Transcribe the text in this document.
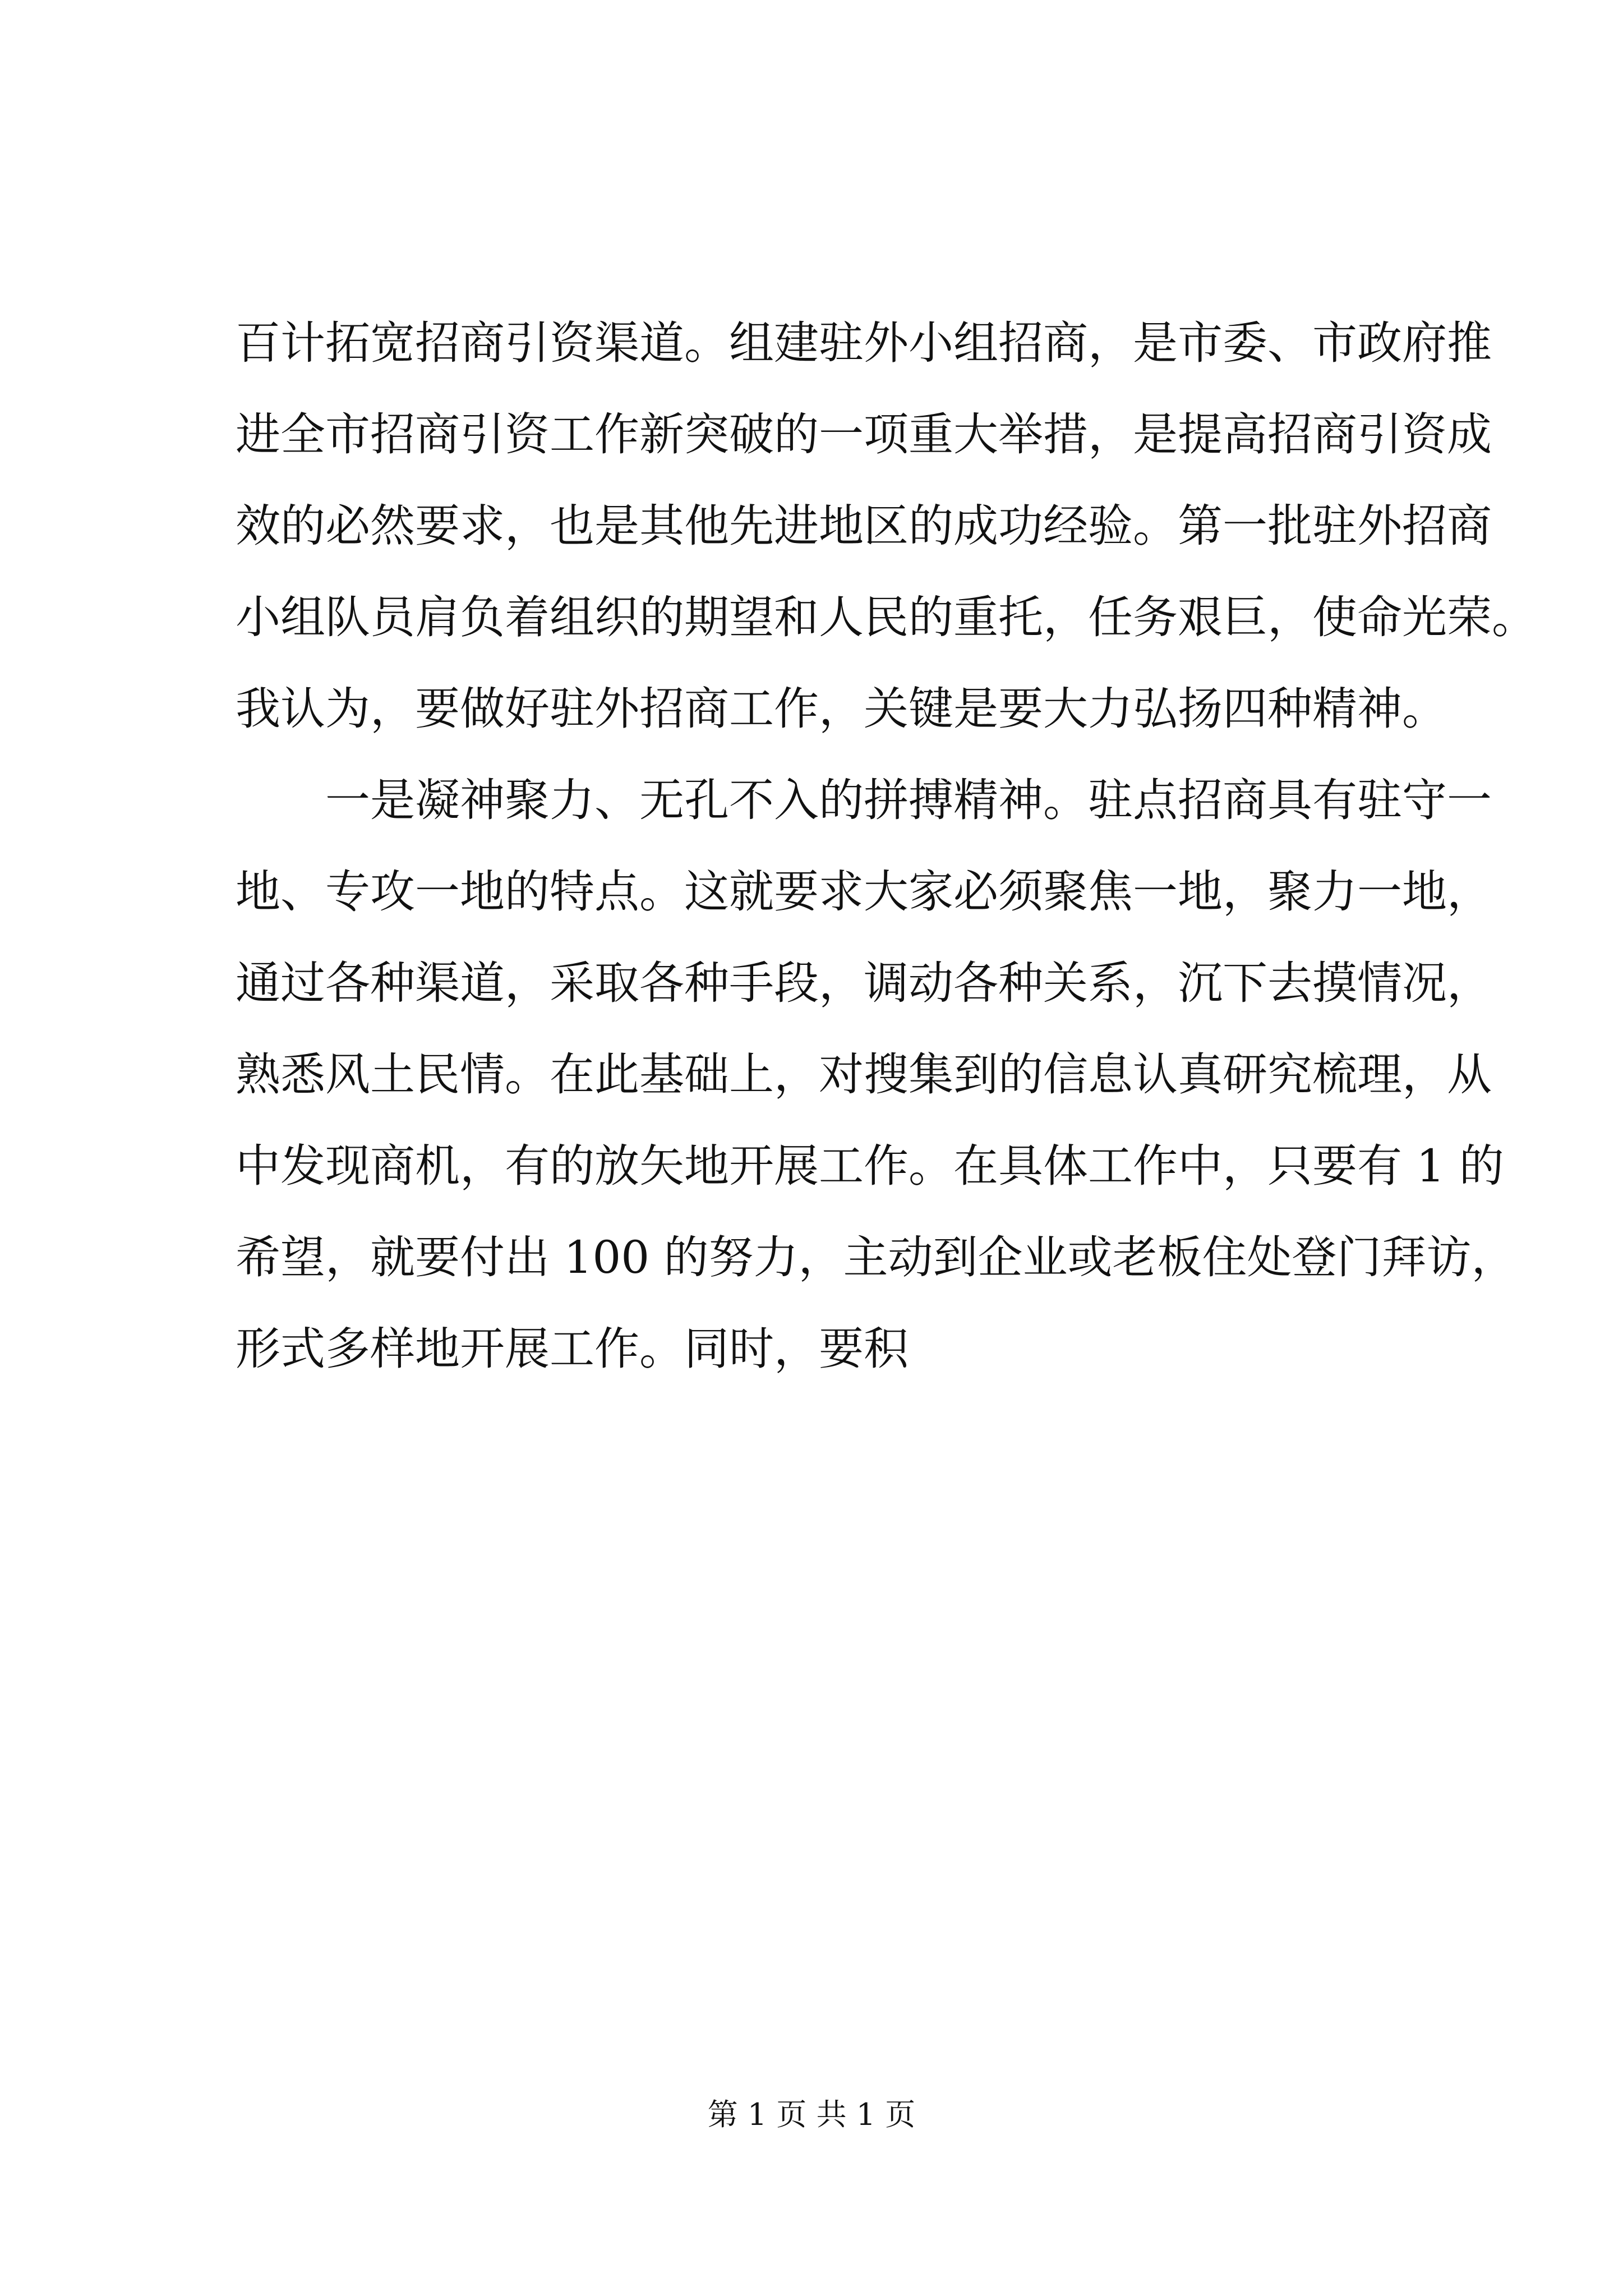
百计拓宽招商引资渠道。组建驻外小组招商，是市委、市政府推
进全市招商引资工作新突破的一项重大举措，是提高招商引资成
效的必然要求，也是其他先进地区的成功经验。第一批驻外招商
小组队员肩负着组织的期望和人民的重托，任务艰巨，使命光荣。
我认为，要做好驻外招商工作，关键是要大力弘扬四种精神。
一是凝神聚力、无孔不入的拼搏精神。驻点招商具有驻守一
地、专攻一地的特点。这就要求大家必须聚焦一地，聚力一地，
通过各种渠道，采取各种手段，调动各种关系，沉下去摸情况，
熟悉风土民情。在此基础上，对搜集到的信息认真研究梳理，从
中发现商机，有的放矢地开展工作。在具体工作中，只要有 1 的
希望，就要付出 100 的努力，主动到企业或老板住处登门拜访，
形式多样地开展工作。同时，要积
第 1 页 共 1 页
